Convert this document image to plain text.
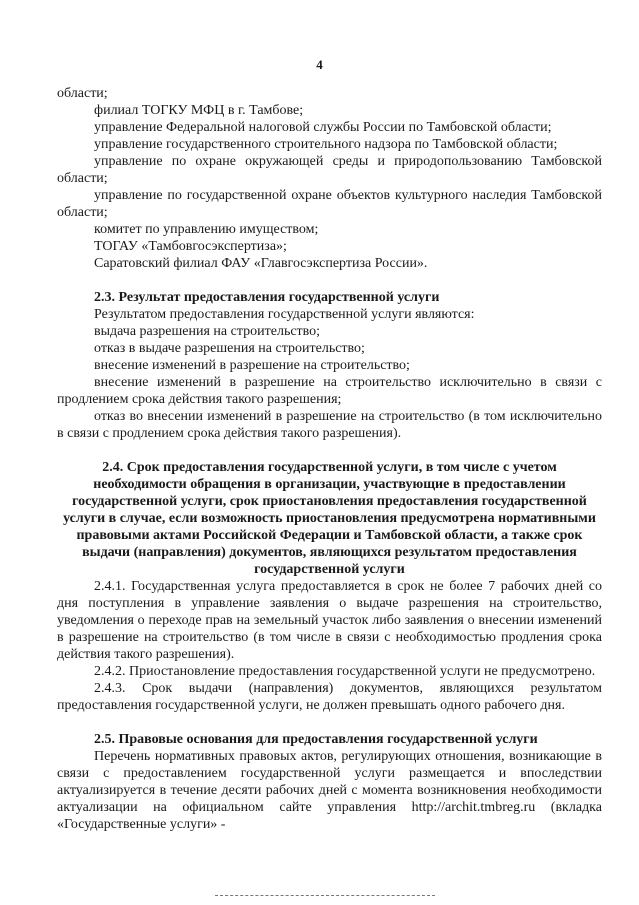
4

области;

филиал ТОГКУ МФЦ в г. Тамбове;

управление Федеральной налоговой службы России по Тамбовской области;

управление государственного строительного надзора по Тамбовской области;

управление по охране окружающей среды и природопользованию Тамбовской области;

управление по государственной охране объектов культурного наследия Тамбовской области;

комитет по управлению имуществом;

ТОГАУ «Тамбовгосэкспертиза»;

Саратовский филиал ФАУ «Главгосэкспертиза России».

2.3. Результат предоставления государственной услуги

Результатом предоставления государственной услуги являются:

выдача разрешения на строительство;

отказ в выдаче разрешения на строительство;

внесение изменений в разрешение на строительство;

внесение изменений в разрешение на строительство исключительно в связи с продлением срока действия такого разрешения;

отказ во внесении изменений в разрешение на строительство (в том исключительно в связи с продлением срока действия такого разрешения).

2.4. Срок предоставления государственной услуги, в том числе с учетом необходимости обращения в организации, участвующие в предоставлении государственной услуги, срок приостановления предоставления государственной услуги в случае, если возможность приостановления предусмотрена нормативными правовыми актами Российской Федерации и Тамбовской области, а также срок выдачи (направления) документов, являющихся результатом предоставления государственной услуги

2.4.1. Государственная услуга предоставляется в срок не более 7 рабочих дней со дня поступления в управление заявления о выдаче разрешения на строительство, уведомления о переходе прав на земельный участок либо заявления о внесении изменений в разрешение на строительство (в том числе в связи с необходимостью продления срока действия такого разрешения).

2.4.2. Приостановление предоставления государственной услуги не предусмотрено.

2.4.3. Срок выдачи (направления) документов, являющихся результатом предоставления государственной услуги, не должен превышать одного рабочего дня.

2.5. Правовые основания для предоставления государственной услуги

Перечень нормативных правовых актов, регулирующих отношения, возникающие в связи с предоставлением государственной услуги размещается и впоследствии актуализируется в течение десяти рабочих дней с момента возникновения необходимости актуализации на официальном сайте управления http://archit.tmbreg.ru (вкладка «Государственные услуги» -
